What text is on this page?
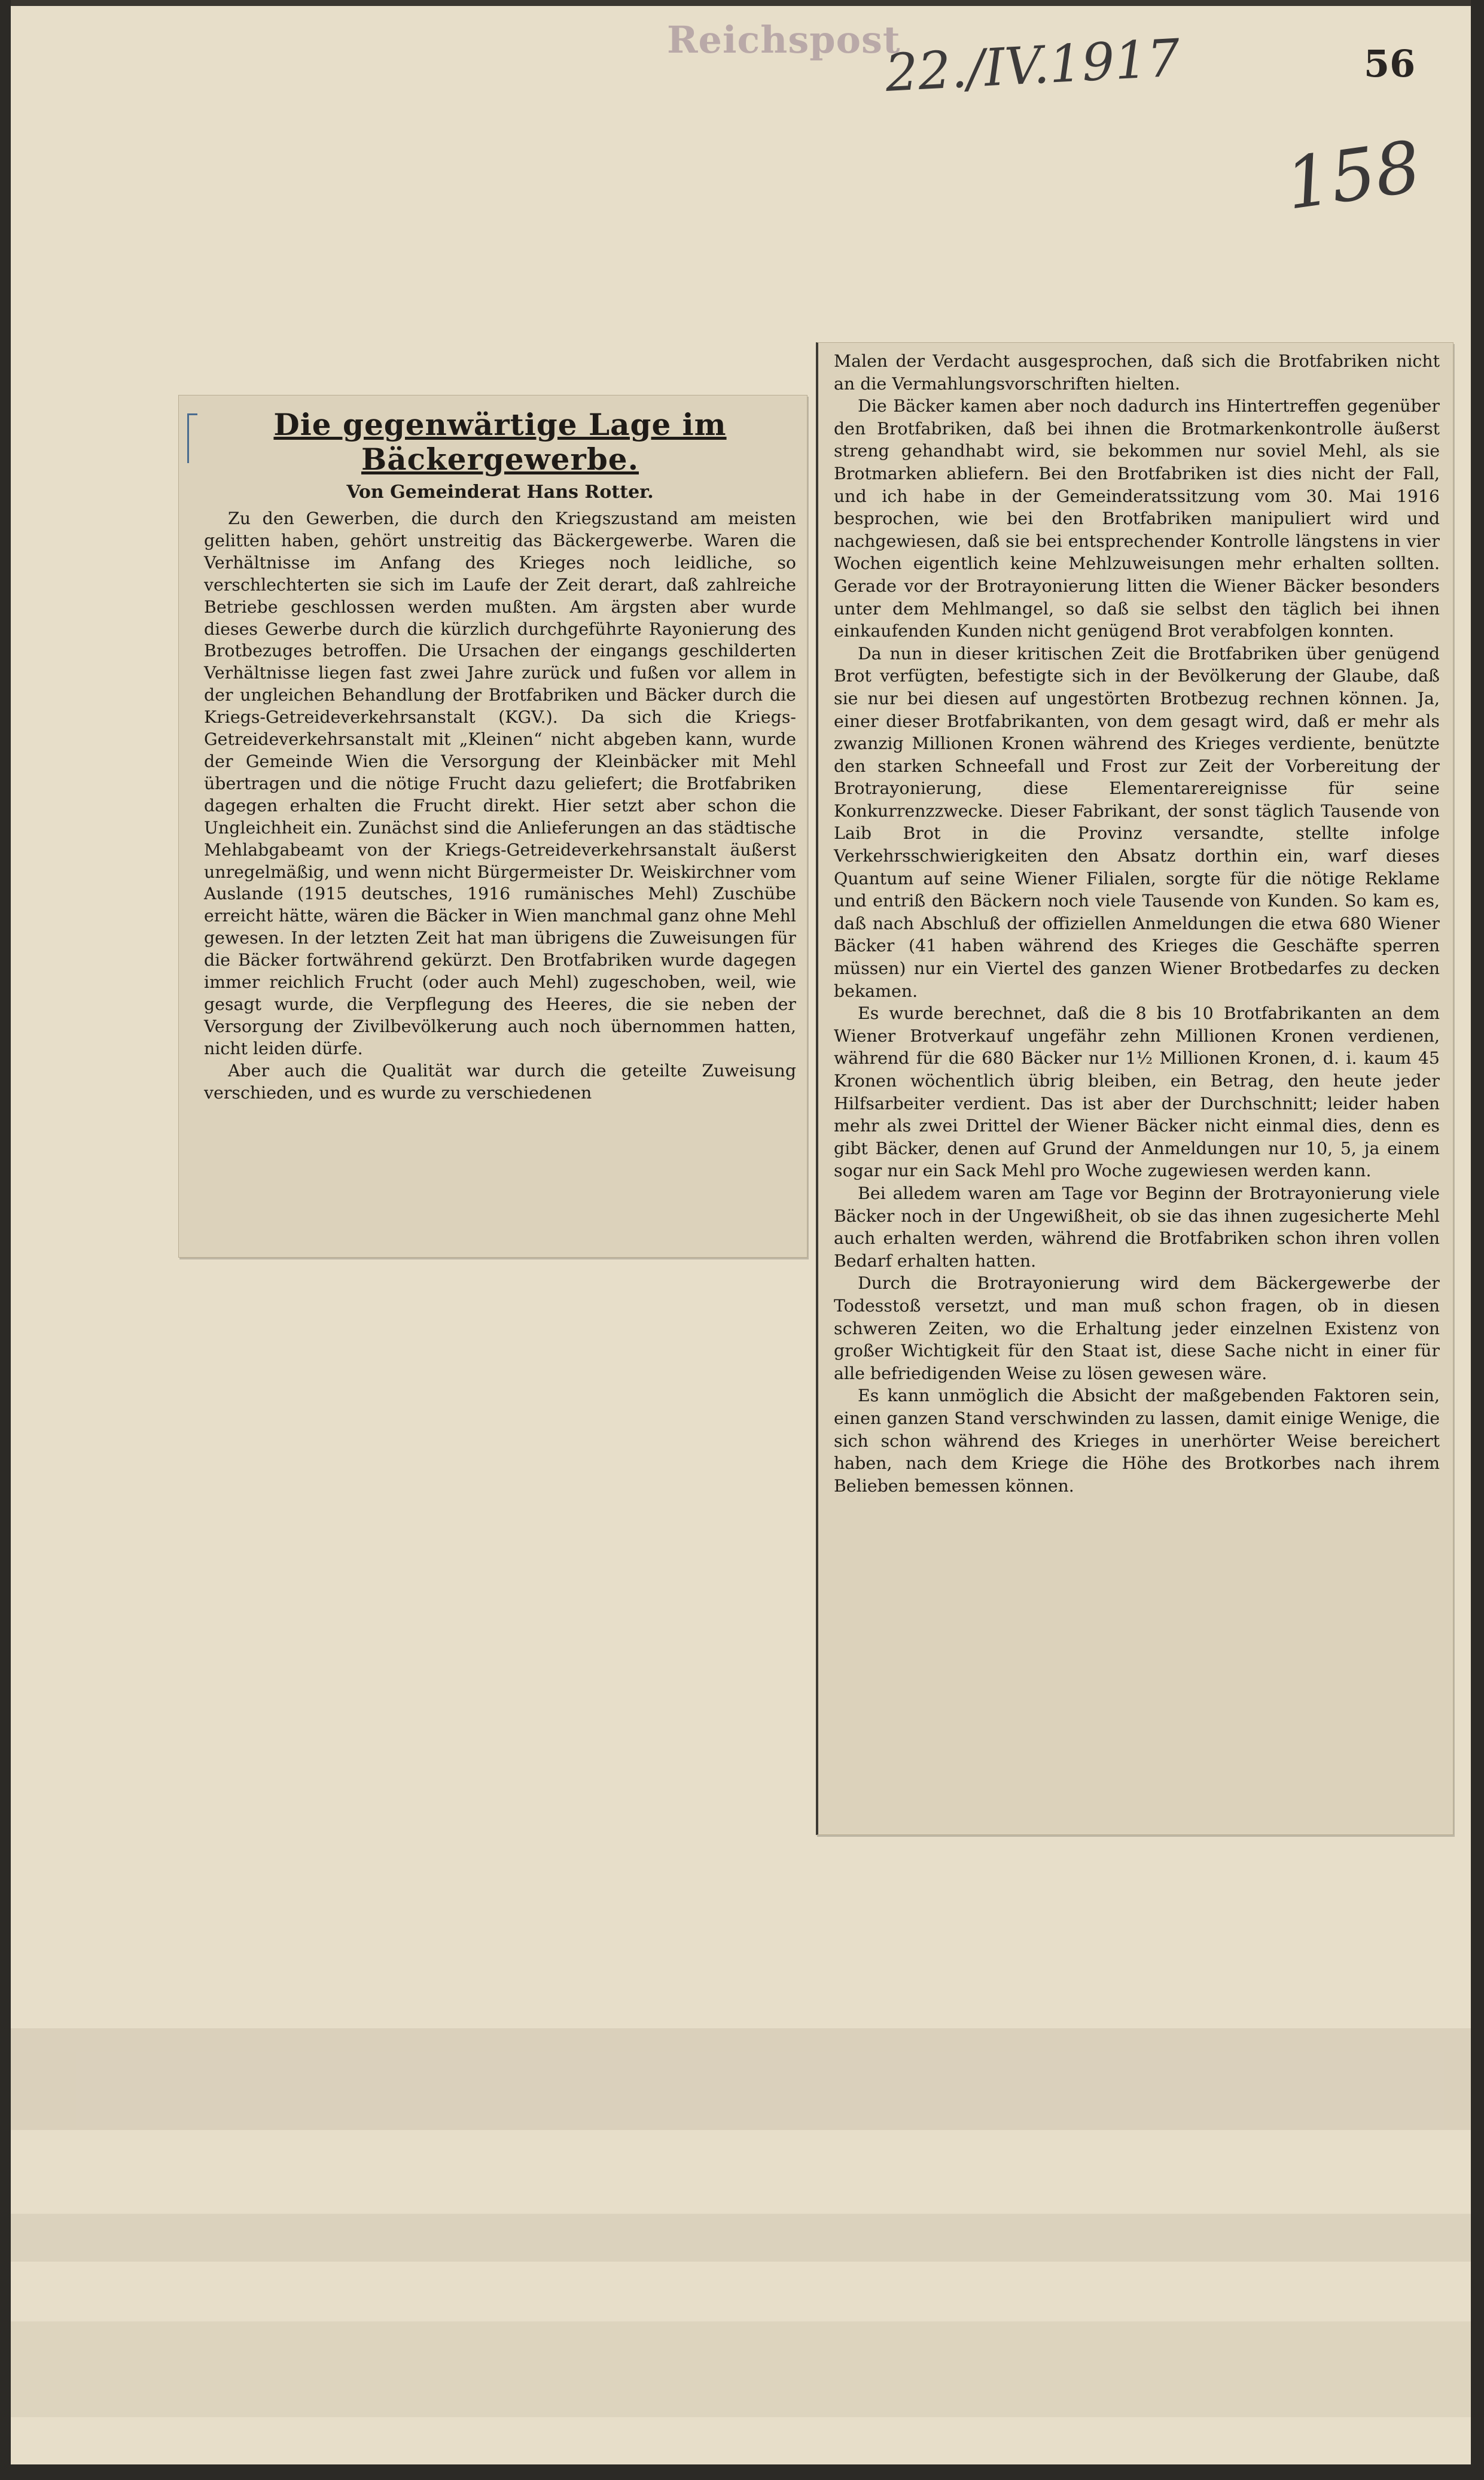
Reichspost
22./IV.1917	56
158
Die gegenwärtige Lage im Bäckergewerbe.
Von Gemeinderat Hans Rotter.

Zu den Gewerben, die durch den Kriegszustand am meisten gelitten haben, gehört unstreitig das Bäckergewerbe. Waren die Verhältnisse im Anfang des Krieges noch leidliche, so verschlechterten sie sich im Laufe der Zeit derart, daß zahlreiche Betriebe geschlossen werden mußten. Am ärgsten aber wurde dieses Gewerbe durch die kürzlich durchgeführte Rayonierung des Brotbezuges betroffen. Die Ursachen der eingangs geschilderten Verhältnisse liegen fast zwei Jahre zurück und fußen vor allem in der ungleichen Behandlung der Brotfabriken und Bäcker durch die Kriegs-Getreideverkehrsanstalt (KGV.). Da sich die Kriegs-Getreideverkehrsanstalt mit „Kleinen“ nicht abgeben kann, wurde der Gemeinde Wien die Versorgung der Kleinbäcker mit Mehl übertragen und die nötige Frucht dazu geliefert; die Brotfabriken dagegen erhalten die Frucht direkt. Hier setzt aber schon die Ungleichheit ein. Zunächst sind die Anlieferungen an das städtische Mehlabgabeamt von der Kriegs-Getreideverkehrsanstalt äußerst unregelmäßig, und wenn nicht Bürgermeister Dr. Weiskirchner vom Auslande (1915 deutsches, 1916 rumänisches Mehl) Zuschübe erreicht hätte, wären die Bäcker in Wien manchmal ganz ohne Mehl gewesen. In der letzten Zeit hat man übrigens die Zuweisungen für die Bäcker fortwährend gekürzt. Den Brotfabriken wurde dagegen immer reichlich Frucht (oder auch Mehl) zugeschoben, weil, wie gesagt wurde, die Verpflegung des Heeres, die sie neben der Versorgung der Zivilbevölkerung auch noch übernommen hatten, nicht leiden dürfe.

Aber auch die Qualität war durch die geteilte Zuweisung verschieden, und es wurde zu verschiedenen

Malen der Verdacht ausgesprochen, daß sich die Brotfabriken nicht an die Vermahlungsvorschriften hielten.

Die Bäcker kamen aber noch dadurch ins Hintertreffen gegenüber den Brotfabriken, daß bei ihnen die Brotmarkenkontrolle äußerst streng gehandhabt wird, sie bekommen nur soviel Mehl, als sie Brotmarken abliefern. Bei den Brotfabriken ist dies nicht der Fall, und ich habe in der Gemeinderatssitzung vom 30. Mai 1916 besprochen, wie bei den Brotfabriken manipuliert wird und nachgewiesen, daß sie bei entsprechender Kontrolle längstens in vier Wochen eigentlich keine Mehlzuweisungen mehr erhalten sollten. Gerade vor der Brotrayonierung litten die Wiener Bäcker besonders unter dem Mehlmangel, so daß sie selbst den täglich bei ihnen einkaufenden Kunden nicht genügend Brot verabfolgen konnten.

Da nun in dieser kritischen Zeit die Brotfabriken über genügend Brot verfügten, befestigte sich in der Bevölkerung der Glaube, daß sie nur bei diesen auf ungestörten Brotbezug rechnen können. Ja, einer dieser Brotfabrikanten, von dem gesagt wird, daß er mehr als zwanzig Millionen Kronen während des Krieges verdiente, benützte den starken Schneefall und Frost zur Zeit der Vorbereitung der Brotrayonierung, diese Elementarereignisse für seine Konkurrenzzwecke. Dieser Fabrikant, der sonst täglich Tausende von Laib Brot in die Provinz versandte, stellte infolge Verkehrsschwierigkeiten den Absatz dorthin ein, warf dieses Quantum auf seine Wiener Filialen, sorgte für die nötige Reklame und entriß den Bäckern noch viele Tausende von Kunden. So kam es, daß nach Abschluß der offiziellen Anmeldungen die etwa 680 Wiener Bäcker (41 haben während des Krieges die Geschäfte sperren müssen) nur ein Viertel des ganzen Wiener Brotbedarfes zu decken bekamen.

Es wurde berechnet, daß die 8 bis 10 Brotfabrikanten an dem Wiener Brotverkauf ungefähr zehn Millionen Kronen verdienen, während für die 680 Bäcker nur 1½ Millionen Kronen, d. i. kaum 45 Kronen wöchentlich übrig bleiben, ein Betrag, den heute jeder Hilfsarbeiter verdient. Das ist aber der Durchschnitt; leider haben mehr als zwei Drittel der Wiener Bäcker nicht einmal dies, denn es gibt Bäcker, denen auf Grund der Anmeldungen nur 10, 5, ja einem sogar nur ein Sack Mehl pro Woche zugewiesen werden kann.

Bei alledem waren am Tage vor Beginn der Brotrayonierung viele Bäcker noch in der Ungewißheit, ob sie das ihnen zugesicherte Mehl auch erhalten werden, während die Brotfabriken schon ihren vollen Bedarf erhalten hatten.

Durch die Brotrayonierung wird dem Bäckergewerbe der Todesstoß versetzt, und man muß schon fragen, ob in diesen schweren Zeiten, wo die Erhaltung jeder einzelnen Existenz von großer Wichtigkeit für den Staat ist, diese Sache nicht in einer für alle befriedigenden Weise zu lösen gewesen wäre.

Es kann unmöglich die Absicht der maßgebenden Faktoren sein, einen ganzen Stand verschwinden zu lassen, damit einige Wenige, die sich schon während des Krieges in unerhörter Weise bereichert haben, nach dem Kriege die Höhe des Brotkorbes nach ihrem Belieben bemessen können.
